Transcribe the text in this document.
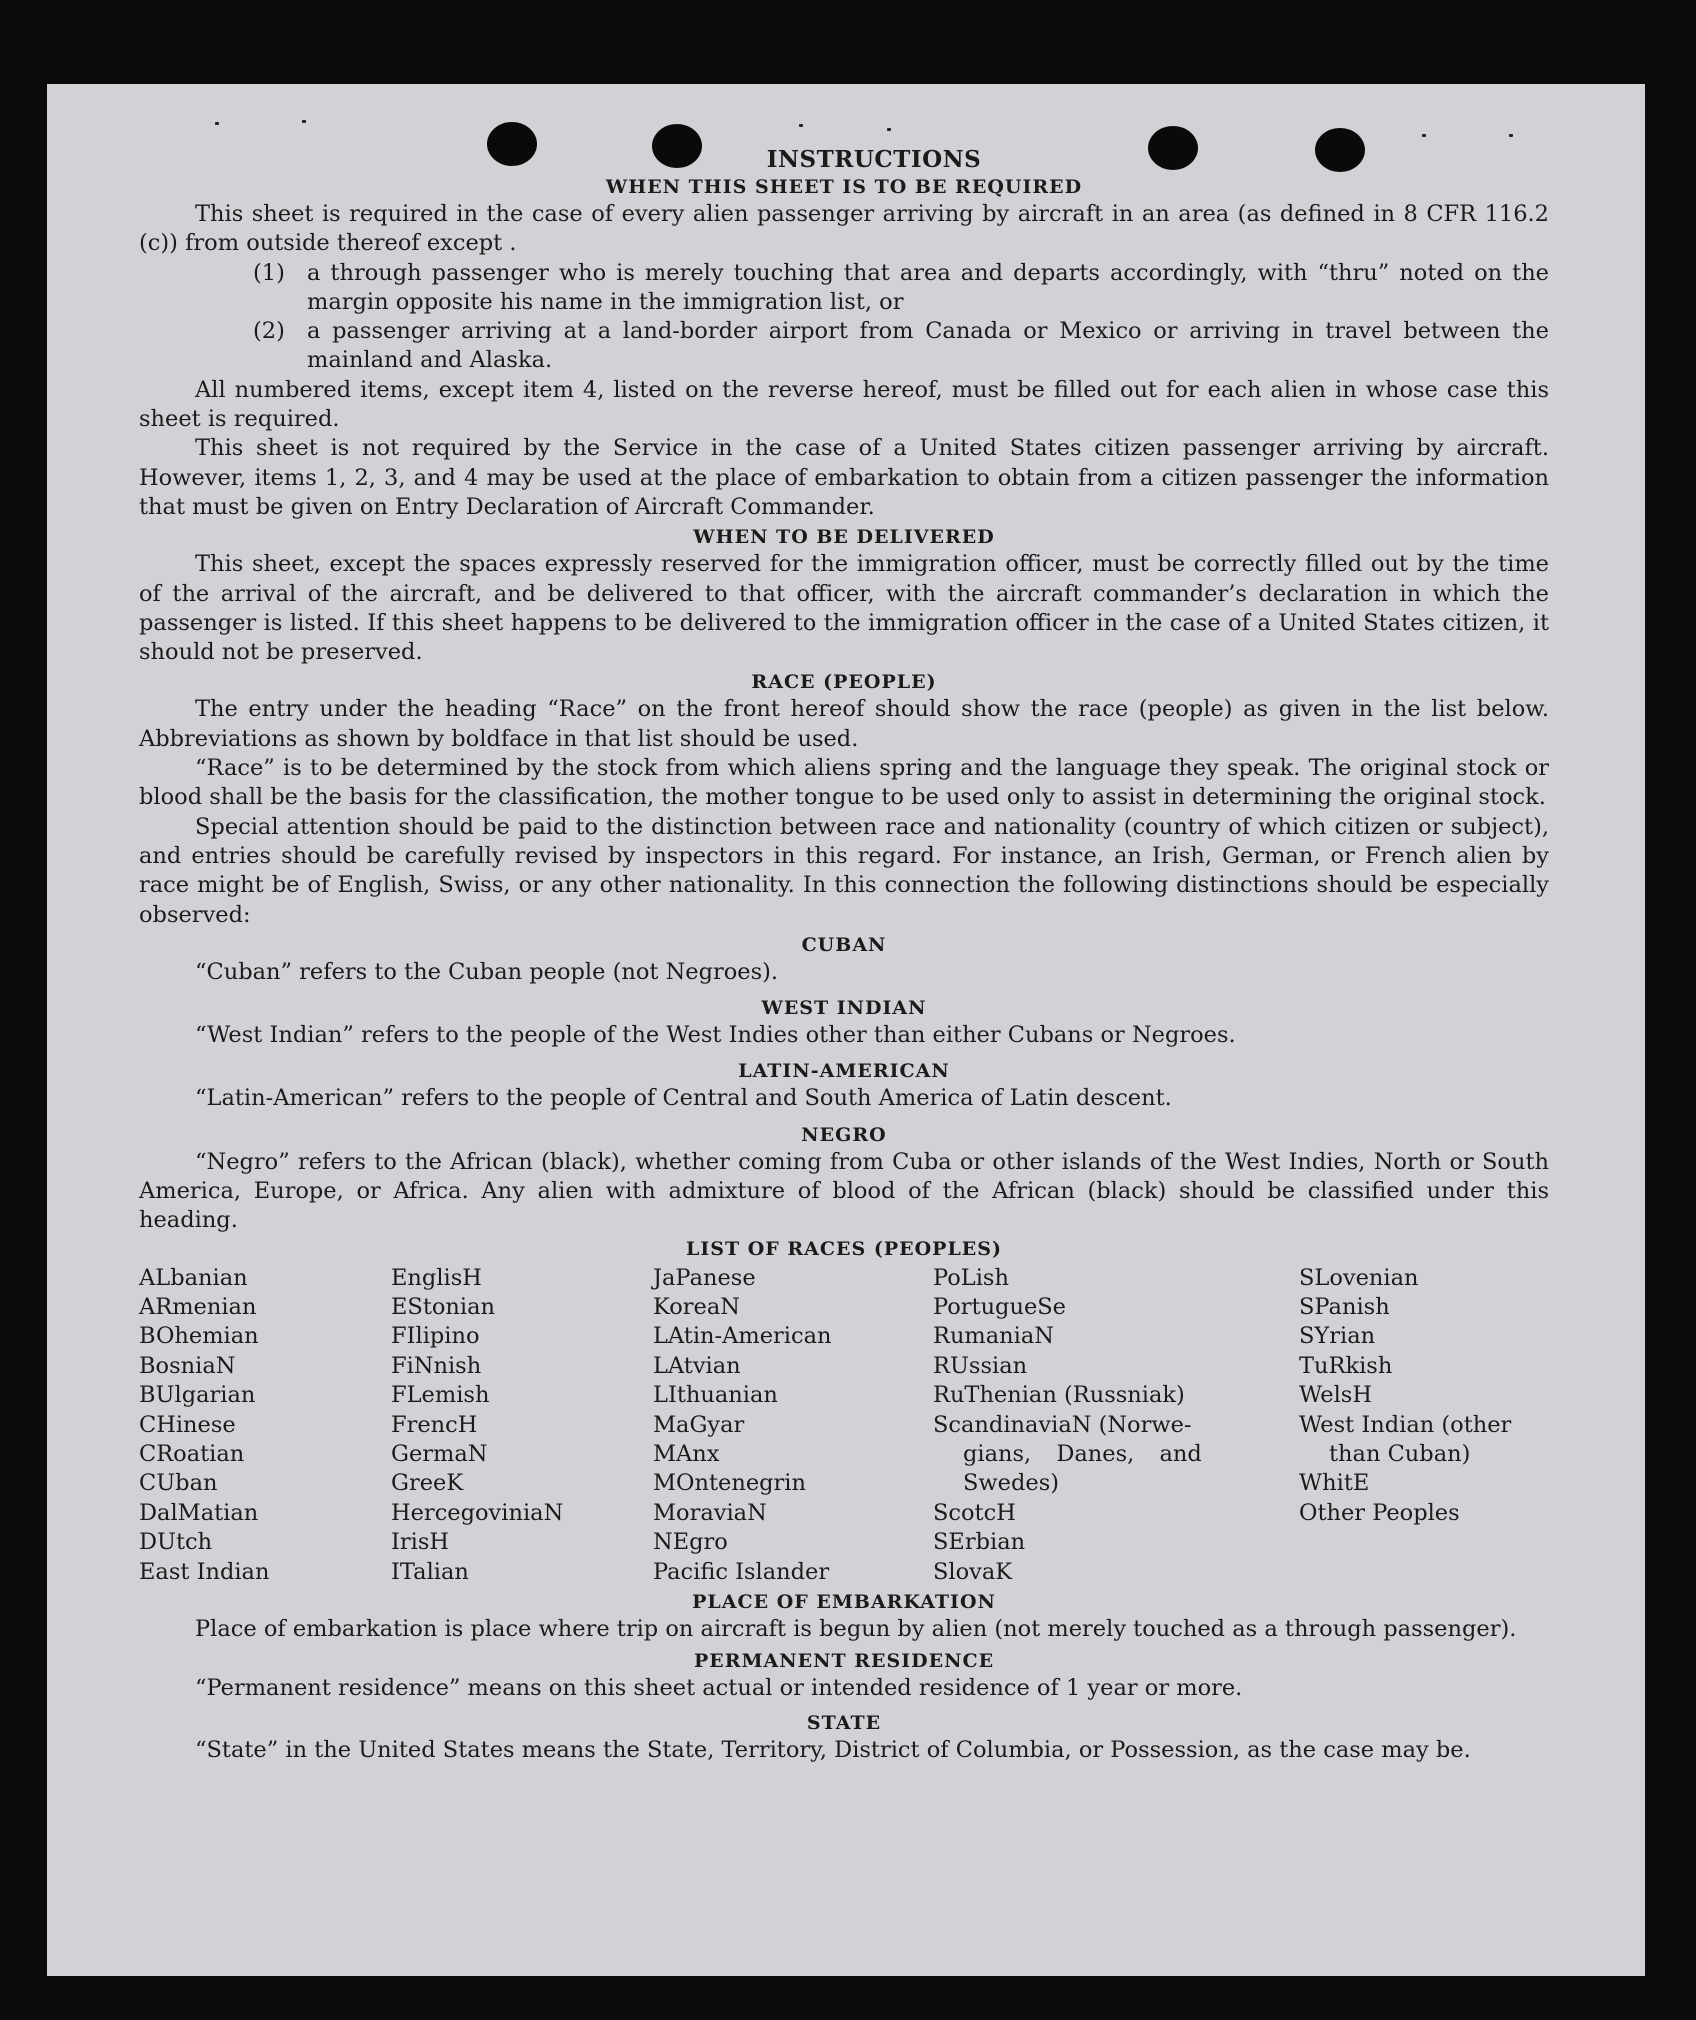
INSTRUCTIONS
WHEN THIS SHEET IS TO BE REQUIRED

This sheet is required in the case of every alien passenger arriving by aircraft in an area (as defined in 8 CFR 116.2 (c)) from outside thereof except .

(1) a through passenger who is merely touching that area and departs accordingly, with “thru” noted on the margin opposite his name in the immigration list, or
(2) a passenger arriving at a land-border airport from Canada or Mexico or arriving in travel between the mainland and Alaska.

All numbered items, except item 4, listed on the reverse hereof, must be filled out for each alien in whose case this sheet is required.

This sheet is not required by the Service in the case of a United States citizen passenger arriving by aircraft. However, items 1, 2, 3, and 4 may be used at the place of embarkation to obtain from a citizen passenger the information that must be given on Entry Declaration of Aircraft Commander.

WHEN TO BE DELIVERED

This sheet, except the spaces expressly reserved for the immigration officer, must be correctly filled out by the time of the arrival of the aircraft, and be delivered to that officer, with the aircraft commander’s declaration in which the passenger is listed. If this sheet happens to be delivered to the immigration officer in the case of a United States citizen, it should not be preserved.

RACE (PEOPLE)

The entry under the heading “Race” on the front hereof should show the race (people) as given in the list below. Abbreviations as shown by boldface in that list should be used.

“Race” is to be determined by the stock from which aliens spring and the language they speak. The original stock or blood shall be the basis for the classification, the mother tongue to be used only to assist in determining the original stock.

Special attention should be paid to the distinction between race and nationality (country of which citizen or subject), and entries should be carefully revised by inspectors in this regard. For instance, an Irish, German, or French alien by race might be of English, Swiss, or any other nationality. In this connection the following distinctions should be especially observed:

CUBAN

“Cuban” refers to the Cuban people (not Negroes).

WEST INDIAN

“West Indian” refers to the people of the West Indies other than either Cubans or Negroes.

LATIN-AMERICAN

“Latin-American” refers to the people of Central and South America of Latin descent.

NEGRO

“Negro” refers to the African (black), whether coming from Cuba or other islands of the West Indies, North or South America, Europe, or Africa. Any alien with admixture of blood of the African (black) should be classified under this heading.

LIST OF RACES (PEOPLES)
ALbanian
ARmenian
BOhemian
BosniaN
BUlgarian
CHinese
CRoatian
CUban
DalMatian
DUtch
East Indian
EnglisH
EStonian
FIlipino
FiNnish
FLemish
FrencH
GermaN
GreeK
HercegoviniaN
IrisH
ITalian
JaPanese
KoreaN
LAtin-American
LAtvian
LIthuanian
MaGyar
MAnx
MOntenegrin
MoraviaN
NEgro
Pacific Islander
PoLish
PortugueSe
RumaniaN
RUssian
RuThenian (Russniak)
ScandinaviaN (Norwe-
gians, Danes, and
Swedes)
ScotcH
SErbian
SlovaK
SLovenian
SPanish
SYrian
TuRkish
WelsH
West Indian (other
than Cuban)
WhitE
Other Peoples
PLACE OF EMBARKATION

Place of embarkation is place where trip on aircraft is begun by alien (not merely touched as a through passenger).

PERMANENT RESIDENCE

“Permanent residence” means on this sheet actual or intended residence of 1 year or more.

STATE

“State” in the United States means the State, Territory, District of Columbia, or Possession, as the case may be.
